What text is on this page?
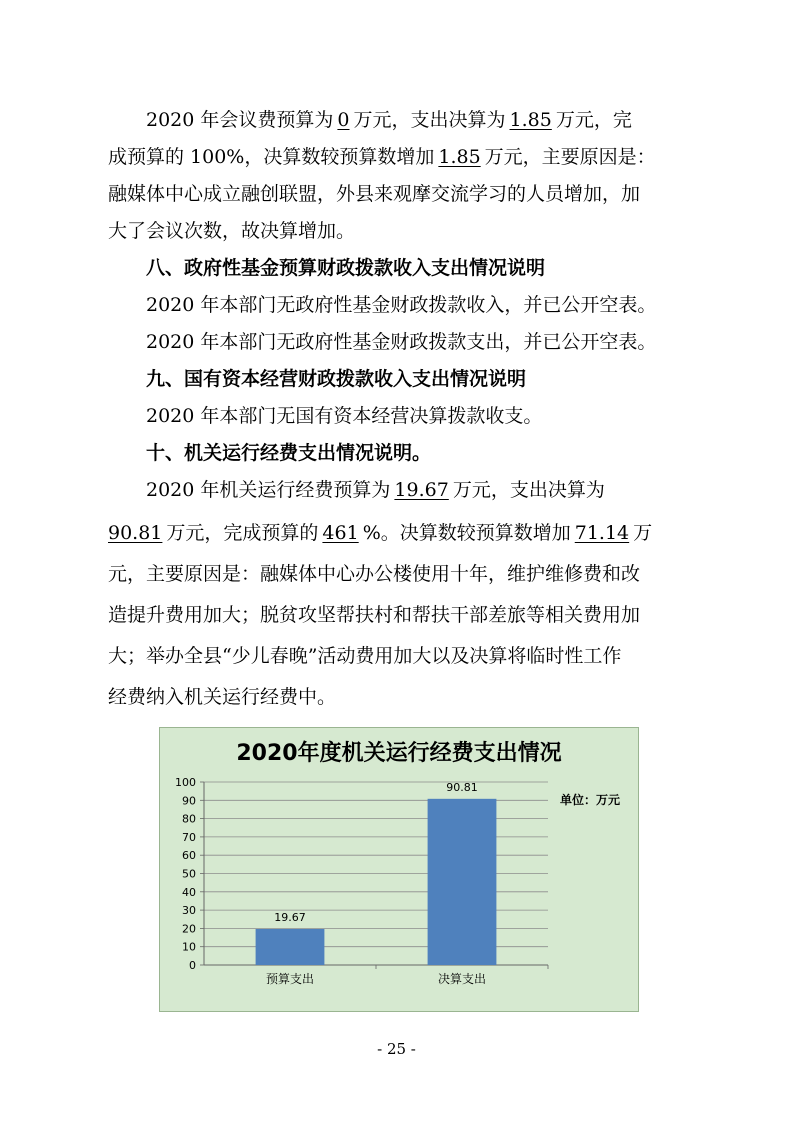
2020 年会议费预算为 0 万元，支出决算为 1.85 万元，完
成预算的 100%，决算数较预算数增加 1.85 万元，主要原因是：
融媒体中心成立融创联盟，外县来观摩交流学习的人员增加，加
大了会议次数，故决算增加。
八、政府性基金预算财政拨款收入支出情况说明
2020 年本部门无政府性基金财政拨款收入，并已公开空表。
2020 年本部门无政府性基金财政拨款支出，并已公开空表。
九、国有资本经营财政拨款收入支出情况说明
2020 年本部门无国有资本经营决算拨款收支。
十、机关运行经费支出情况说明。
2020 年机关运行经费预算为 19.67 万元，支出决算为
90.81 万元，完成预算的 461 %。决算数较预算数增加 71.14 万
元，主要原因是：融媒体中心办公楼使用十年，维护维修费和改
造提升费用加大；脱贫攻坚帮扶村和帮扶干部差旅等相关费用加
大；举办全县“少儿春晚”活动费用加大以及决算将临时性工作
经费纳入机关运行经费中。
2020年度机关运行经费支出情况
单位：万元
0
10
20
30
40
50
60
70
80
90
100
19.67
预算支出
90.81
决算支出
- 25 -
